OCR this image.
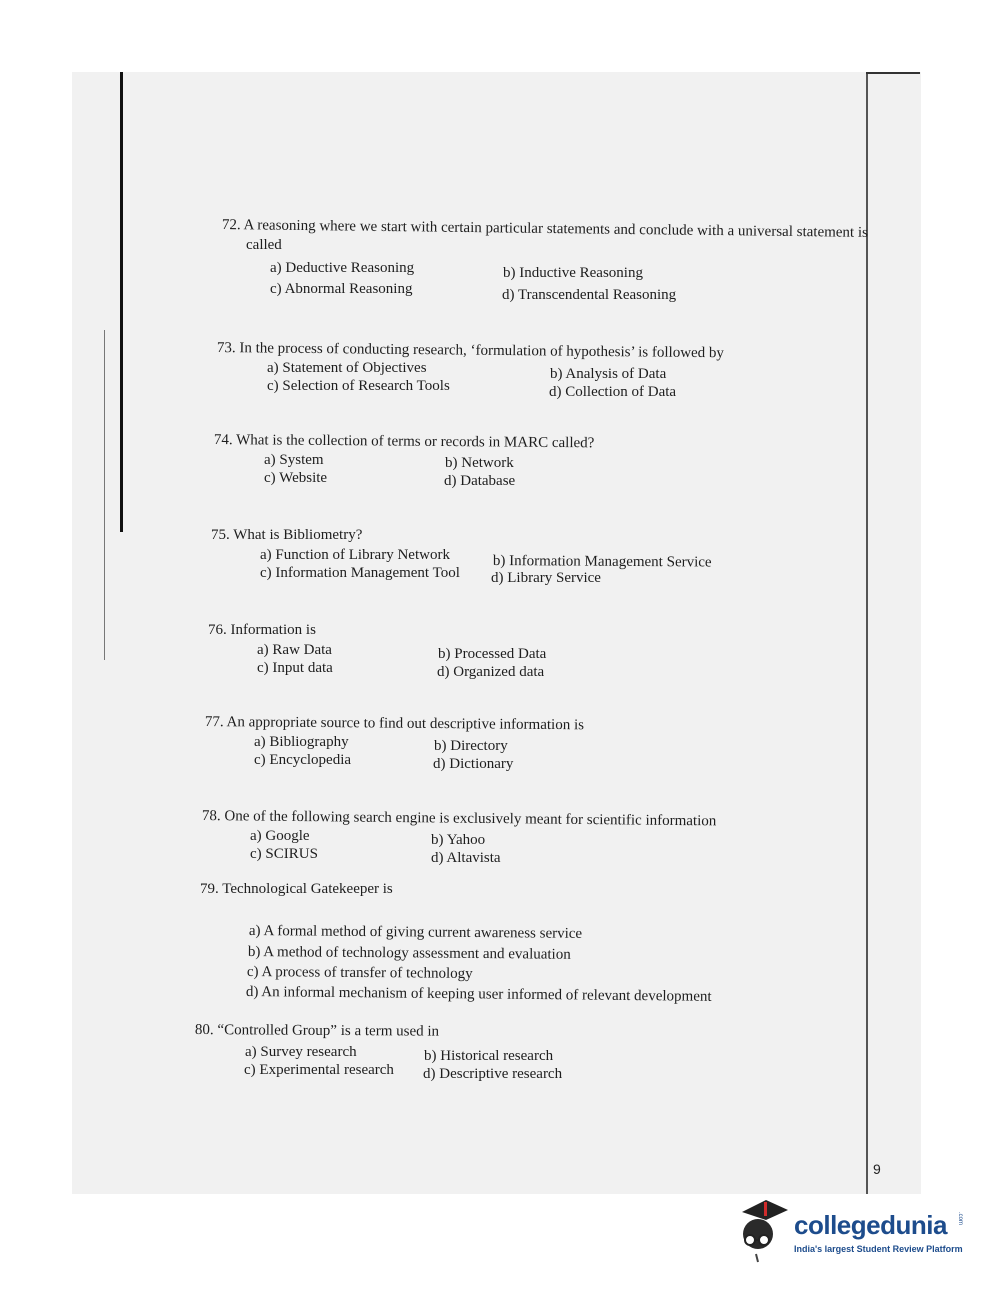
72. A reasoning where we start with certain particular statements and conclude with a universal statement is
called
a) Deductive Reasoning	b) Inductive Reasoning
c) Abnormal Reasoning	d) Transcendental Reasoning
73. In the process of conducting research, ‘formulation of hypothesis’ is followed by
a) Statement of Objectives	b) Analysis of Data
c) Selection of Research Tools	d) Collection of Data
74. What is the collection of terms or records in MARC called?
a) System	b) Network
c) Website	d) Database
75. What is Bibliometry?
a) Function of Library Network	b) Information Management Service
c) Information Management Tool d) Library Service
76. Information is
a) Raw Data	b) Processed Data
c) Input data	d) Organized data
77. An appropriate source to find out descriptive information is
a) Bibliography	b) Directory
c) Encyclopedia	d) Dictionary
78. One of the following search engine is exclusively meant for scientific information
a) Google	b) Yahoo
c) SCIRUS	d) Altavista
79. Technological Gatekeeper is
a) A formal method of giving current awareness service
b) A method of technology assessment and evaluation
c) A process of transfer of technology
d) An informal mechanism of keeping user informed of relevant development
80. “Controlled Group” is a term used in
a) Survey research	b) Historical research
c) Experimental research d) Descriptive research
9
collegedunia .com
India's largest Student Review Platform
